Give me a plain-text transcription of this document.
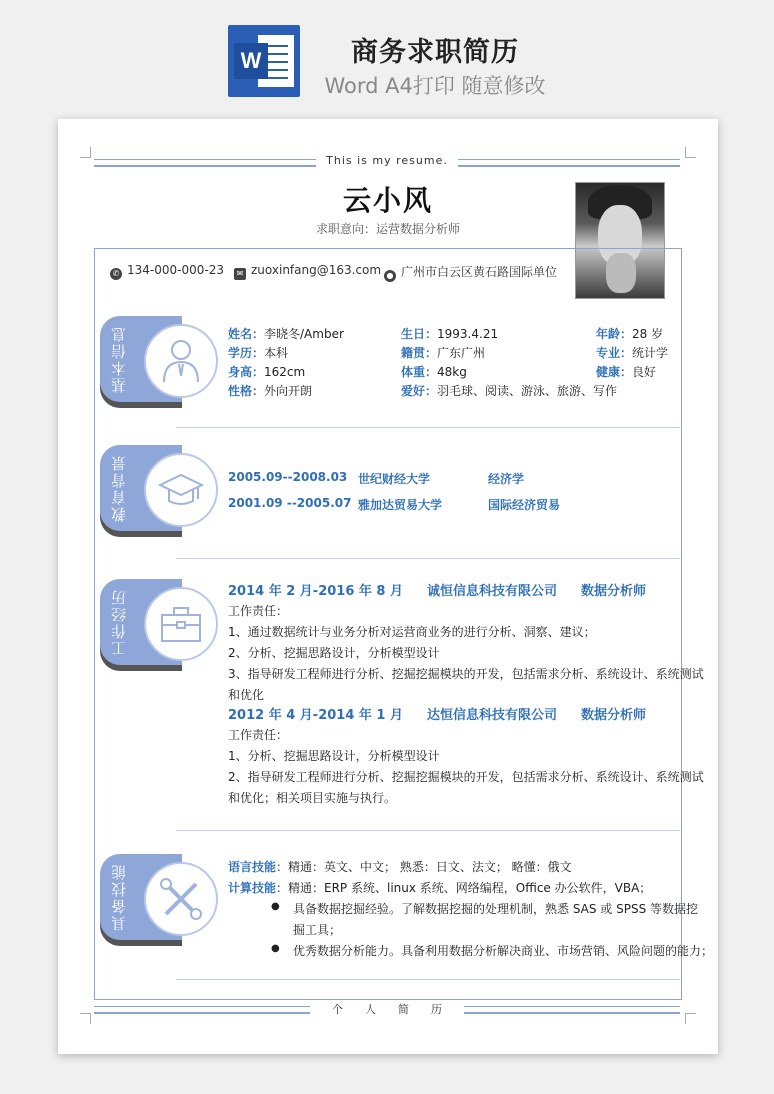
W	商务求职简历
Word A4打印 随意修改
This is my resume.
云小风
求职意向：运营数据分析师
✆ 134-000-000-23	✉ zuoxinfang@163.com ● 广州市白云区黄石路国际单位
基本信息	姓名：李晓冬/Amber	生日：1993.4.21	年龄：28 岁
学历：本科	籍贯：广东广州	专业：统计学
身高：162cm	体重：48kg	健康：良好
性格：外向开朗	爱好：羽毛球、阅读、游泳、旅游、写作
教育背景	2005.09--2008.03 世纪财经大学	经济学
2001.09 --2005.07 雅加达贸易大学	国际经济贸易
工作经历	2014 年 2 月-2016 年 8 月 诚恒信息科技有限公司 数据分析师
工作责任：
1、通过数据统计与业务分析对运营商业务的进行分析、洞察、建议；
2、分析、挖掘思路设计，分析模型设计
3、指导研发工程师进行分析、挖掘挖掘模块的开发，包括需求分析、系统设计、系统测试
和优化
2012 年 4 月-2014 年 1 月 达恒信息科技有限公司 数据分析师
工作责任：
1、分析、挖掘思路设计，分析模型设计
2、指导研发工程师进行分析、挖掘挖掘模块的开发，包括需求分析、系统设计、系统测试
和优化；相关项目实施与执行。
具备技能	语言技能：精通：英文、中文； 熟悉：日文、法文； 略懂：俄文
计算技能：精通：ERP 系统、linux 系统、网络编程，Office 办公软件，VBA；
● 具备数据挖掘经验。了解数据挖掘的处理机制，熟悉 SAS 或 SPSS 等数据挖
掘工具；
● 优秀数据分析能力。具备利用数据分析解决商业、市场营销、风险问题的能力；
个人简历
